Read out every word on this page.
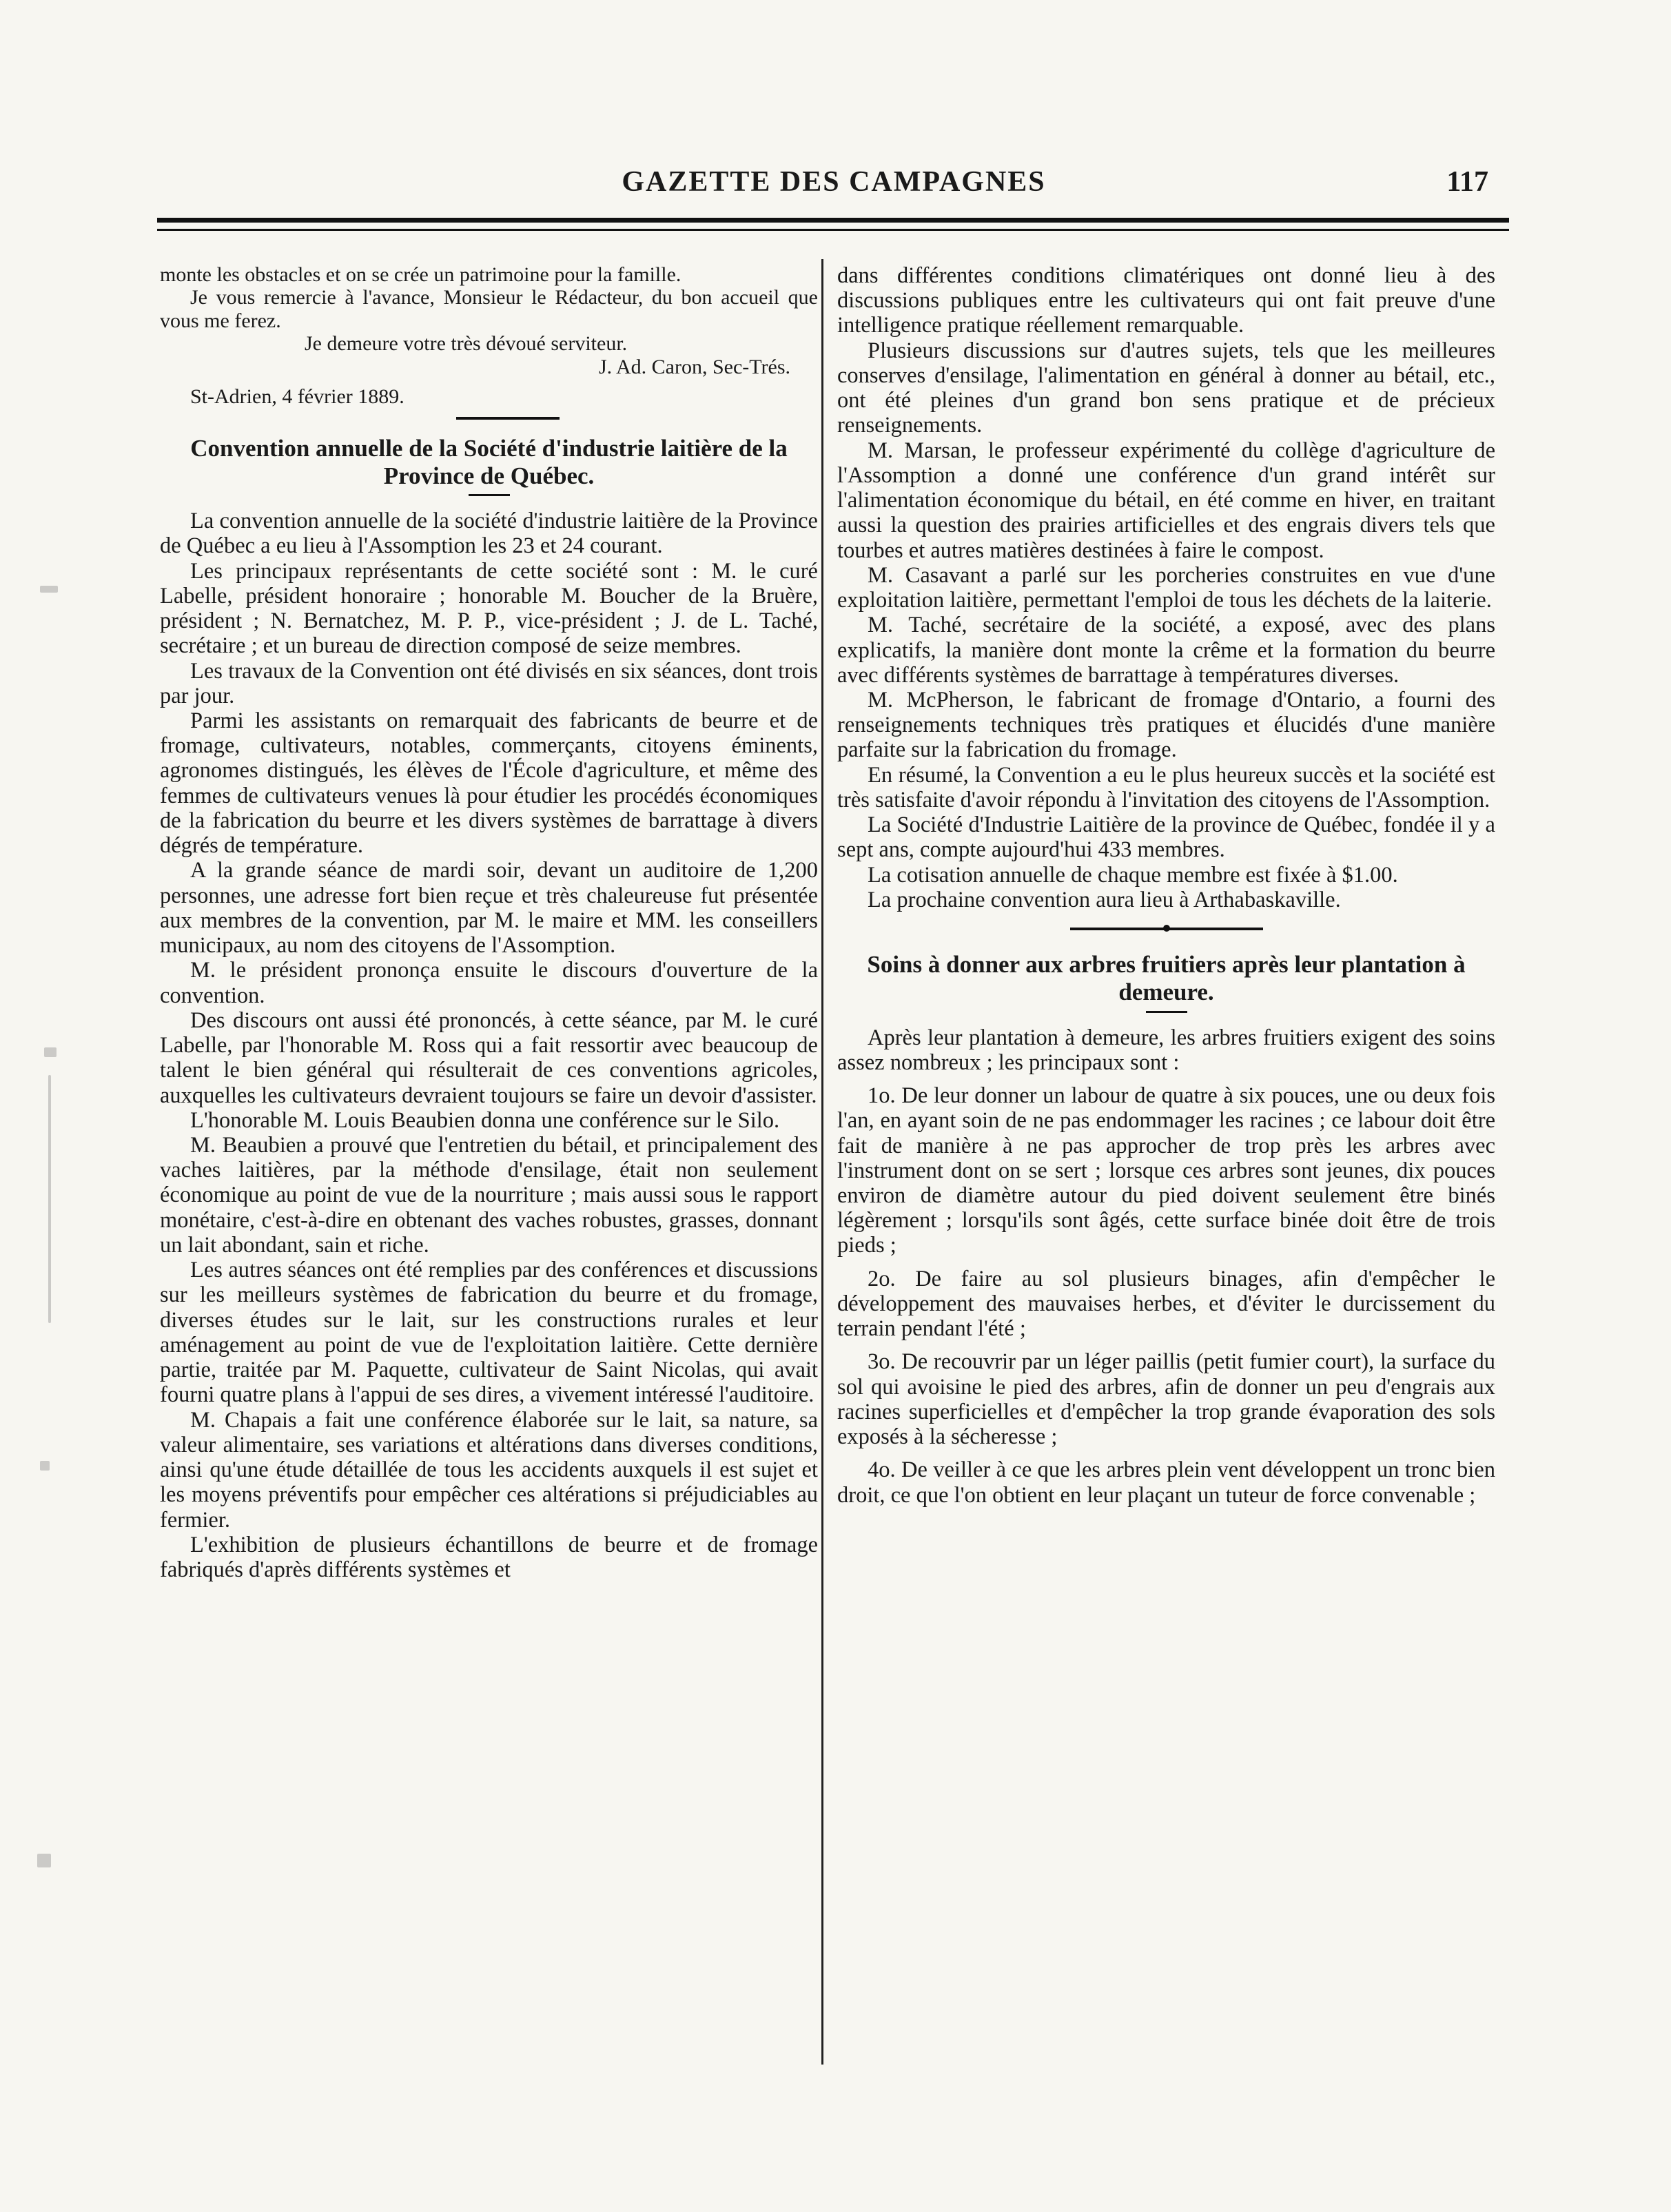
GAZETTE DES CAMPAGNES	117

monte les obstacles et on se crée un patrimoine pour la famille.

Je vous remercie à l'avance, Monsieur le Rédacteur, du bon accueil que vous me ferez.

Je demeure votre très dévoué serviteur.

J. Ad. Caron, Sec-Trés.

St-Adrien, 4 février 1889.

Convention annuelle de la Société d'industrie laitière de la Province de Québec.

La convention annuelle de la société d'industrie laitière de la Province de Québec a eu lieu à l'Assomption les 23 et 24 courant.

Les principaux représentants de cette société sont : M. le curé Labelle, président honoraire ; honorable M. Boucher de la Bruère, président ; N. Bernatchez, M. P. P., vice-président ; J. de L. Taché, secrétaire ; et un bureau de direction composé de seize membres.

Les travaux de la Convention ont été divisés en six séances, dont trois par jour.

Parmi les assistants on remarquait des fabricants de beurre et de fromage, cultivateurs, notables, commerçants, citoyens éminents, agronomes distingués, les élèves de l'École d'agriculture, et même des femmes de cultivateurs venues là pour étudier les procédés économiques de la fabrication du beurre et les divers systèmes de barrattage à divers dégrés de température.

A la grande séance de mardi soir, devant un auditoire de 1,200 personnes, une adresse fort bien reçue et très chaleureuse fut présentée aux membres de la convention, par M. le maire et MM. les conseillers municipaux, au nom des citoyens de l'Assomption.

M. le président prononça ensuite le discours d'ouverture de la convention.

Des discours ont aussi été prononcés, à cette séance, par M. le curé Labelle, par l'honorable M. Ross qui a fait ressortir avec beaucoup de talent le bien général qui résulterait de ces conventions agricoles, auxquelles les cultivateurs devraient toujours se faire un devoir d'assister.

L'honorable M. Louis Beaubien donna une conférence sur le Silo.

M. Beaubien a prouvé que l'entretien du bétail, et principalement des vaches laitières, par la méthode d'ensilage, était non seulement économique au point de vue de la nourriture ; mais aussi sous le rapport monétaire, c'est-à-dire en obtenant des vaches robustes, grasses, donnant un lait abondant, sain et riche.

Les autres séances ont été remplies par des conférences et discussions sur les meilleurs systèmes de fabrication du beurre et du fromage, diverses études sur le lait, sur les constructions rurales et leur aménagement au point de vue de l'exploitation laitière. Cette dernière partie, traitée par M. Paquette, cultivateur de Saint Nicolas, qui avait fourni quatre plans à l'appui de ses dires, a vivement intéressé l'auditoire.

M. Chapais a fait une conférence élaborée sur le lait, sa nature, sa valeur alimentaire, ses variations et altérations dans diverses conditions, ainsi qu'une étude détaillée de tous les accidents auxquels il est sujet et les moyens préventifs pour empêcher ces altérations si préjudiciables au fermier.

L'exhibition de plusieurs échantillons de beurre et de fromage fabriqués d'après différents systèmes et

dans différentes conditions climatériques ont donné lieu à des discussions publiques entre les cultivateurs qui ont fait preuve d'une intelligence pratique réellement remarquable.

Plusieurs discussions sur d'autres sujets, tels que les meilleures conserves d'ensilage, l'alimentation en général à donner au bétail, etc., ont été pleines d'un grand bon sens pratique et de précieux renseignements.

M. Marsan, le professeur expérimenté du collège d'agriculture de l'Assomption a donné une conférence d'un grand intérêt sur l'alimentation économique du bétail, en été comme en hiver, en traitant aussi la question des prairies artificielles et des engrais divers tels que tourbes et autres matières destinées à faire le compost.

M. Casavant a parlé sur les porcheries construites en vue d'une exploitation laitière, permettant l'emploi de tous les déchets de la laiterie.

M. Taché, secrétaire de la société, a exposé, avec des plans explicatifs, la manière dont monte la crême et la formation du beurre avec différents systèmes de barrattage à températures diverses.

M. McPherson, le fabricant de fromage d'Ontario, a fourni des renseignements techniques très pratiques et élucidés d'une manière parfaite sur la fabrication du fromage.

En résumé, la Convention a eu le plus heureux succès et la société est très satisfaite d'avoir répondu à l'invitation des citoyens de l'Assomption.

La Société d'Industrie Laitière de la province de Québec, fondée il y a sept ans, compte aujourd'hui 433 membres.

La cotisation annuelle de chaque membre est fixée à $1.00.

La prochaine convention aura lieu à Arthabaskaville.

Soins à donner aux arbres fruitiers après leur plantation à demeure.

Après leur plantation à demeure, les arbres fruitiers exigent des soins assez nombreux ; les principaux sont :

1o. De leur donner un labour de quatre à six pouces, une ou deux fois l'an, en ayant soin de ne pas endommager les racines ; ce labour doit être fait de manière à ne pas approcher de trop près les arbres avec l'instrument dont on se sert ; lorsque ces arbres sont jeunes, dix pouces environ de diamètre autour du pied doivent seulement être binés légèrement ; lorsqu'ils sont âgés, cette surface binée doit être de trois pieds ;

2o. De faire au sol plusieurs binages, afin d'empêcher le développement des mauvaises herbes, et d'éviter le durcissement du terrain pendant l'été ;

3o. De recouvrir par un léger paillis (petit fumier court), la surface du sol qui avoisine le pied des arbres, afin de donner un peu d'engrais aux racines superficielles et d'empêcher la trop grande évaporation des sols exposés à la sécheresse ;

4o. De veiller à ce que les arbres plein vent développent un tronc bien droit, ce que l'on obtient en leur plaçant un tuteur de force convenable ;
